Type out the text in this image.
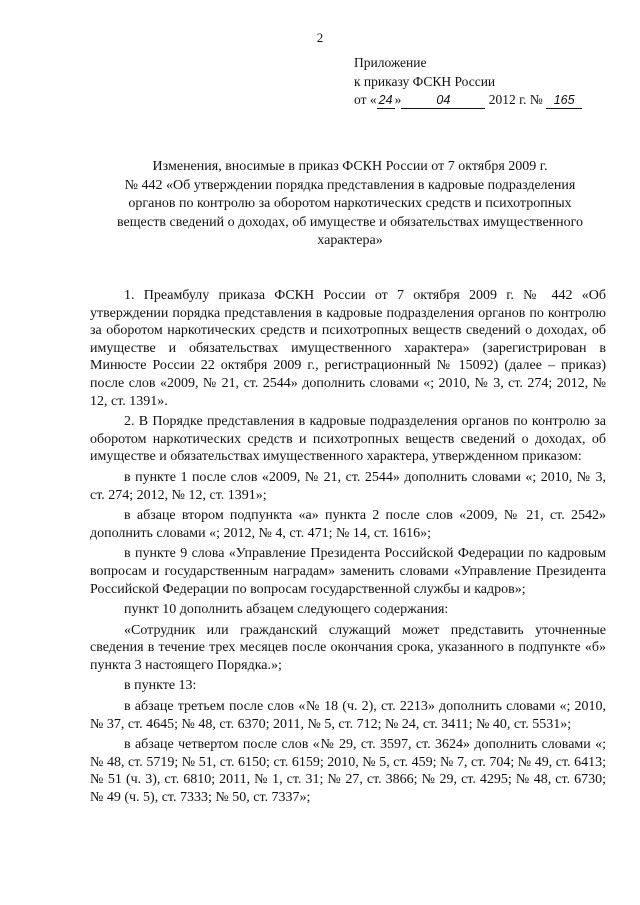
2
Приложение
к приказу ФСКН России
от « 24 »	04	2012 г. № 165
Изменения, вносимые в приказ ФСКН России от 7 октября 2009 г.
№ 442 «Об утверждении порядка представления в кадровые подразделения
органов по контролю за оборотом наркотических средств и психотропных
веществ сведений о доходах, об имуществе и обязательствах имущественного
характера»

1. Преамбулу приказа ФСКН России от 7 октября 2009 г. № 442 «Об утверждении порядка представления в кадровые подразделения органов по контролю за оборотом наркотических средств и психотропных веществ сведений о доходах, об имуществе и обязательствах имущественного характера» (зарегистрирован в Минюсте России 22 октября 2009 г., регистрационный № 15092) (далее – приказ) после слов «2009, № 21, ст. 2544» дополнить словами «; 2010, № 3, ст. 274; 2012, № 12, ст. 1391».

2. В Порядке представления в кадровые подразделения органов по контролю за оборотом наркотических средств и психотропных веществ сведений о доходах, об имуществе и обязательствах имущественного характера, утвержденном приказом:

в пункте 1 после слов «2009, № 21, ст. 2544» дополнить словами «; 2010, № 3, ст. 274; 2012, № 12, ст. 1391»;

в абзаце втором подпункта «а» пункта 2 после слов «2009, № 21, ст. 2542» дополнить словами «; 2012, № 4, ст. 471; № 14, ст. 1616»;

в пункте 9 слова «Управление Президента Российской Федерации по кадровым вопросам и государственным наградам» заменить словами «Управление Президента Российской Федерации по вопросам государственной службы и кадров»;

пункт 10 дополнить абзацем следующего содержания:

«Сотрудник или гражданский служащий может представить уточненные сведения в течение трех месяцев после окончания срока, указанного в подпункте «б» пункта 3 настоящего Порядка.»;

в пункте 13:

в абзаце третьем после слов «№ 18 (ч. 2), ст. 2213» дополнить словами «; 2010, № 37, ст. 4645; № 48, ст. 6370; 2011, № 5, ст. 712; № 24, ст. 3411; № 40, ст. 5531»;

в абзаце четвертом после слов «№ 29, ст. 3597, ст. 3624» дополнить словами «; № 48, ст. 5719; № 51, ст. 6150; ст. 6159; 2010, № 5, ст. 459; № 7, ст. 704; № 49, ст. 6413; № 51 (ч. 3), ст. 6810; 2011, № 1, ст. 31; № 27, ст. 3866; № 29, ст. 4295; № 48, ст. 6730; № 49 (ч. 5), ст. 7333; № 50, ст. 7337»;
